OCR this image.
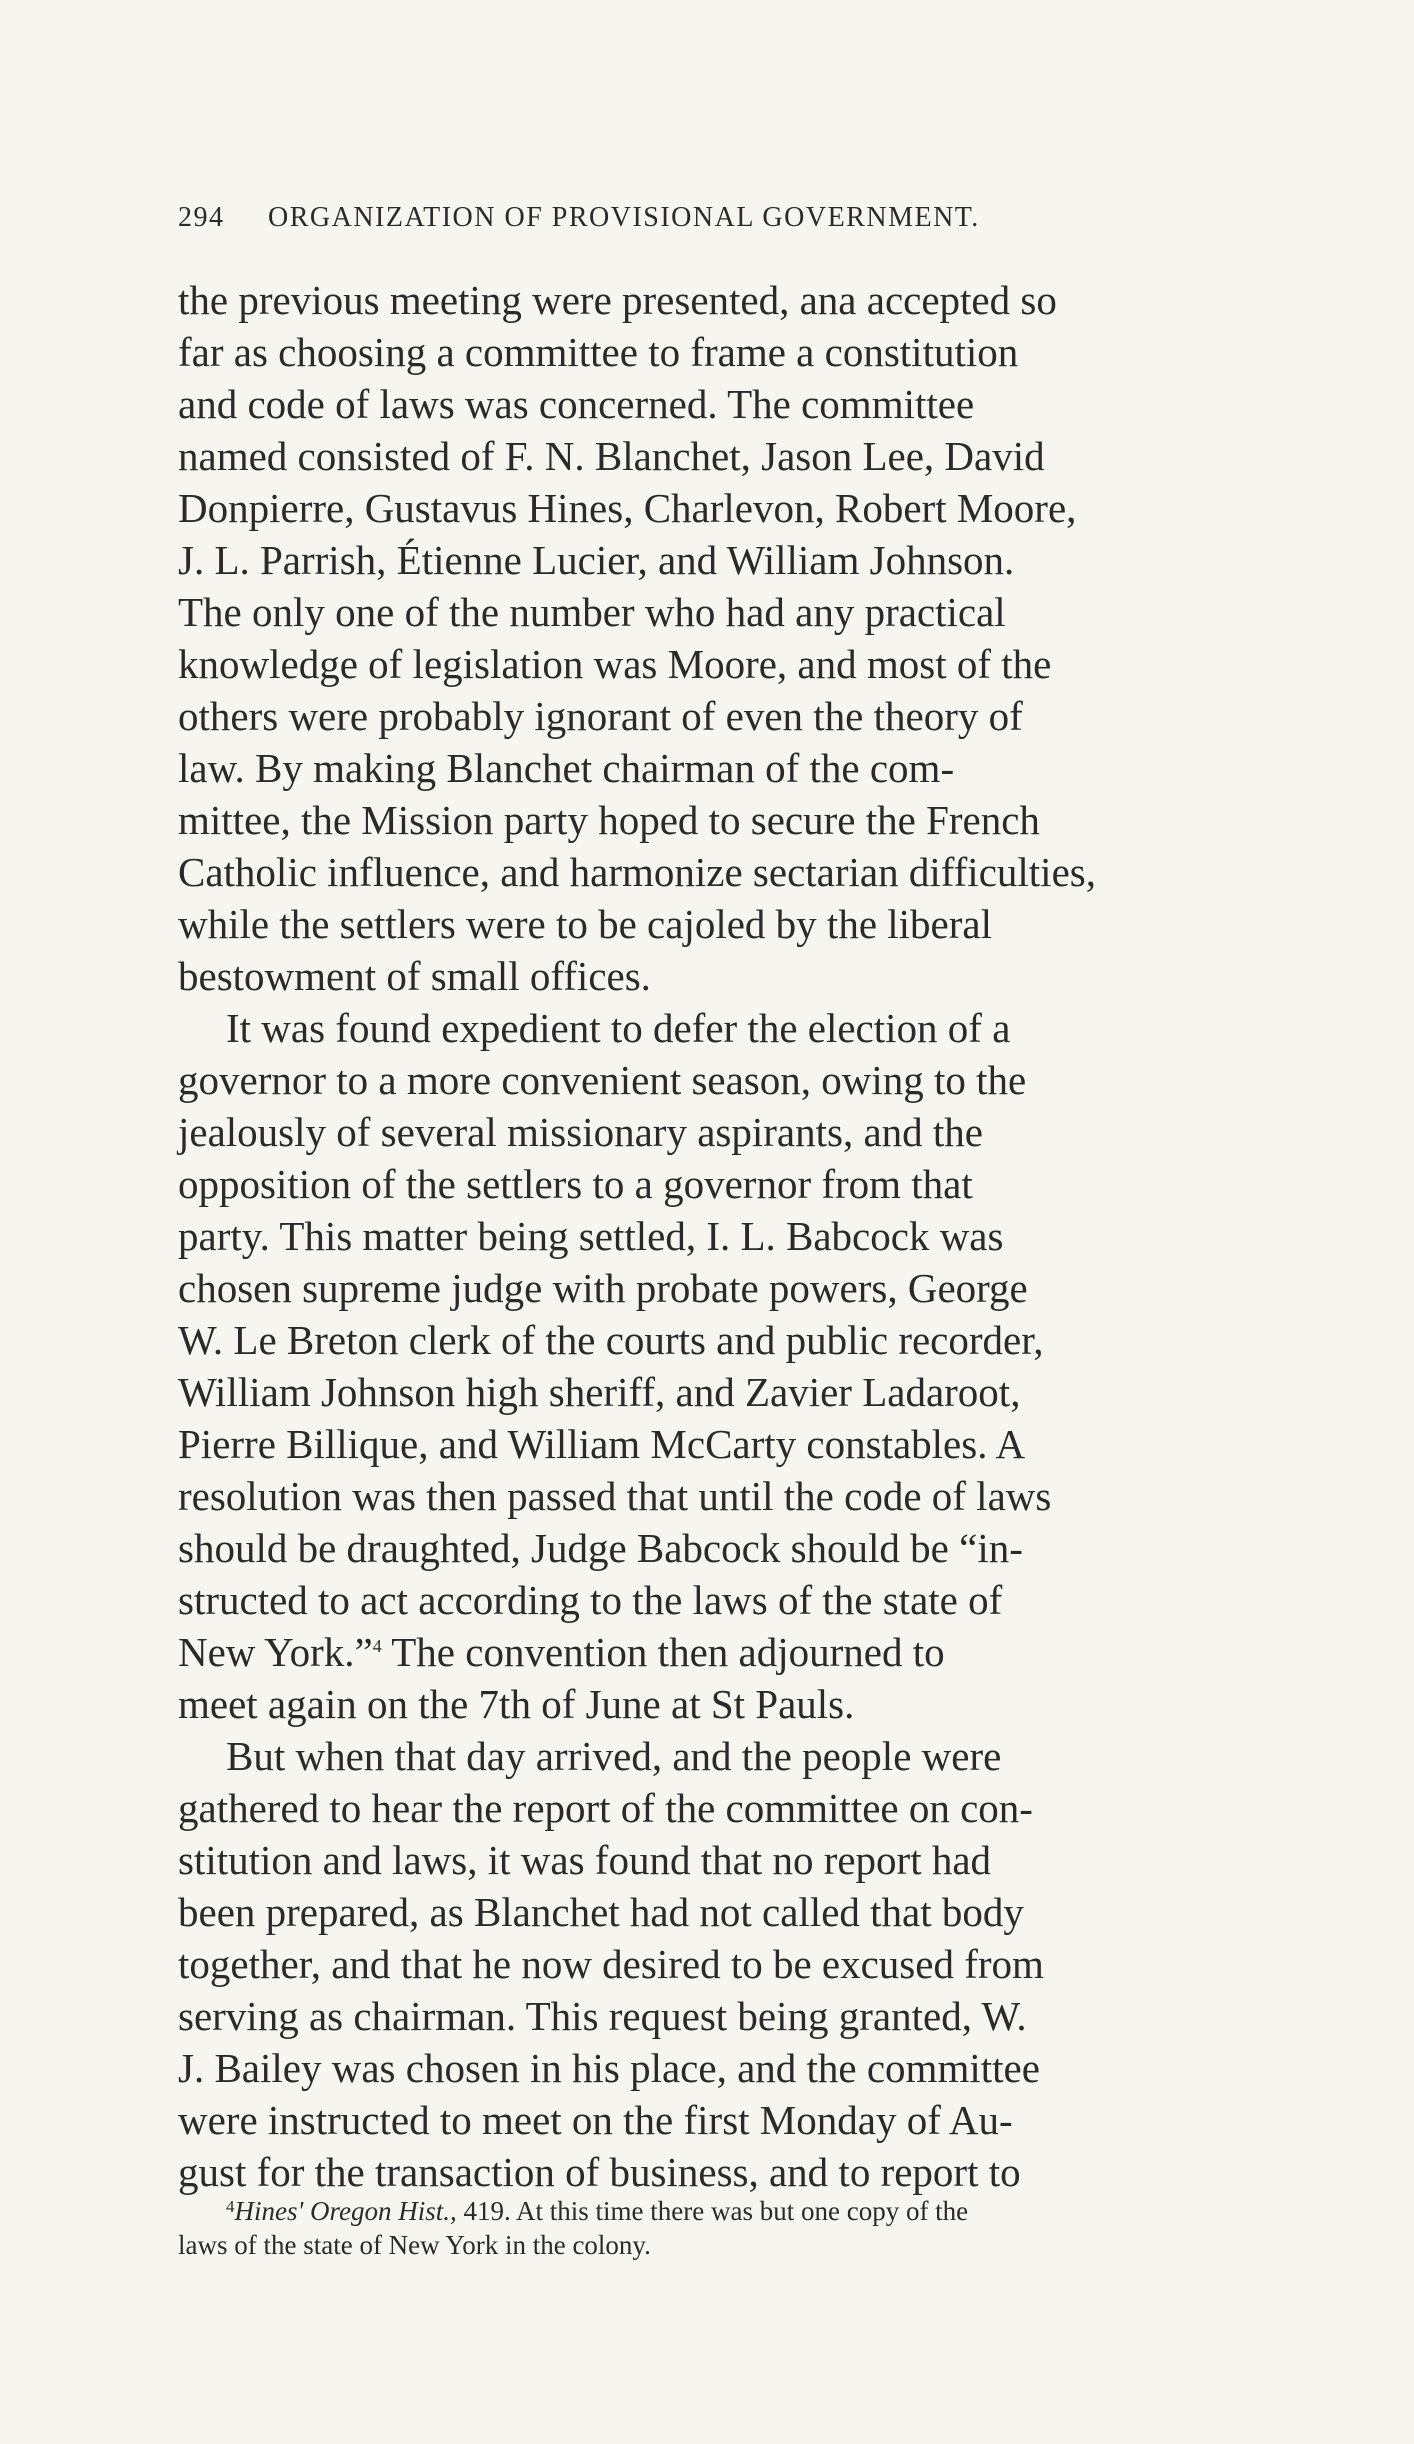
294 ORGANIZATION OF PROVISIONAL GOVERNMENT.
the previous meeting were presented, ana accepted so
far as choosing a committee to frame a constitution
and code of laws was concerned. The committee
named consisted of F. N. Blanchet, Jason Lee, David
Donpierre, Gustavus Hines, Charlevon, Robert Moore,
J. L. Parrish, Étienne Lucier, and William Johnson.
The only one of the number who had any practical
knowledge of legislation was Moore, and most of the
others were probably ignorant of even the theory of
law. By making Blanchet chairman of the com-
mittee, the Mission party hoped to secure the French
Catholic influence, and harmonize sectarian difficulties,
while the settlers were to be cajoled by the liberal
bestowment of small offices.
It was found expedient to defer the election of a
governor to a more convenient season, owing to the
jealously of several missionary aspirants, and the
opposition of the settlers to a governor from that
party. This matter being settled, I. L. Babcock was
chosen supreme judge with probate powers, George
W. Le Breton clerk of the courts and public recorder,
William Johnson high sheriff, and Zavier Ladaroot,
Pierre Billique, and William McCarty constables. A
resolution was then passed that until the code of laws
should be draughted, Judge Babcock should be “in-
structed to act according to the laws of the state of
New York.”$^4$ The convention then adjourned to
meet again on the 7th of June at St Pauls.
But when that day arrived, and the people were
gathered to hear the report of the committee on con-
stitution and laws, it was found that no report had
been prepared, as Blanchet had not called that body
together, and that he now desired to be excused from
serving as chairman. This request being granted, W.
J. Bailey was chosen in his place, and the committee
were instructed to meet on the first Monday of Au-
gust for the transaction of business, and to report to
$^4$Hines' Oregon Hist., 419. At this time there was but one copy of the
laws of the state of New York in the colony.
